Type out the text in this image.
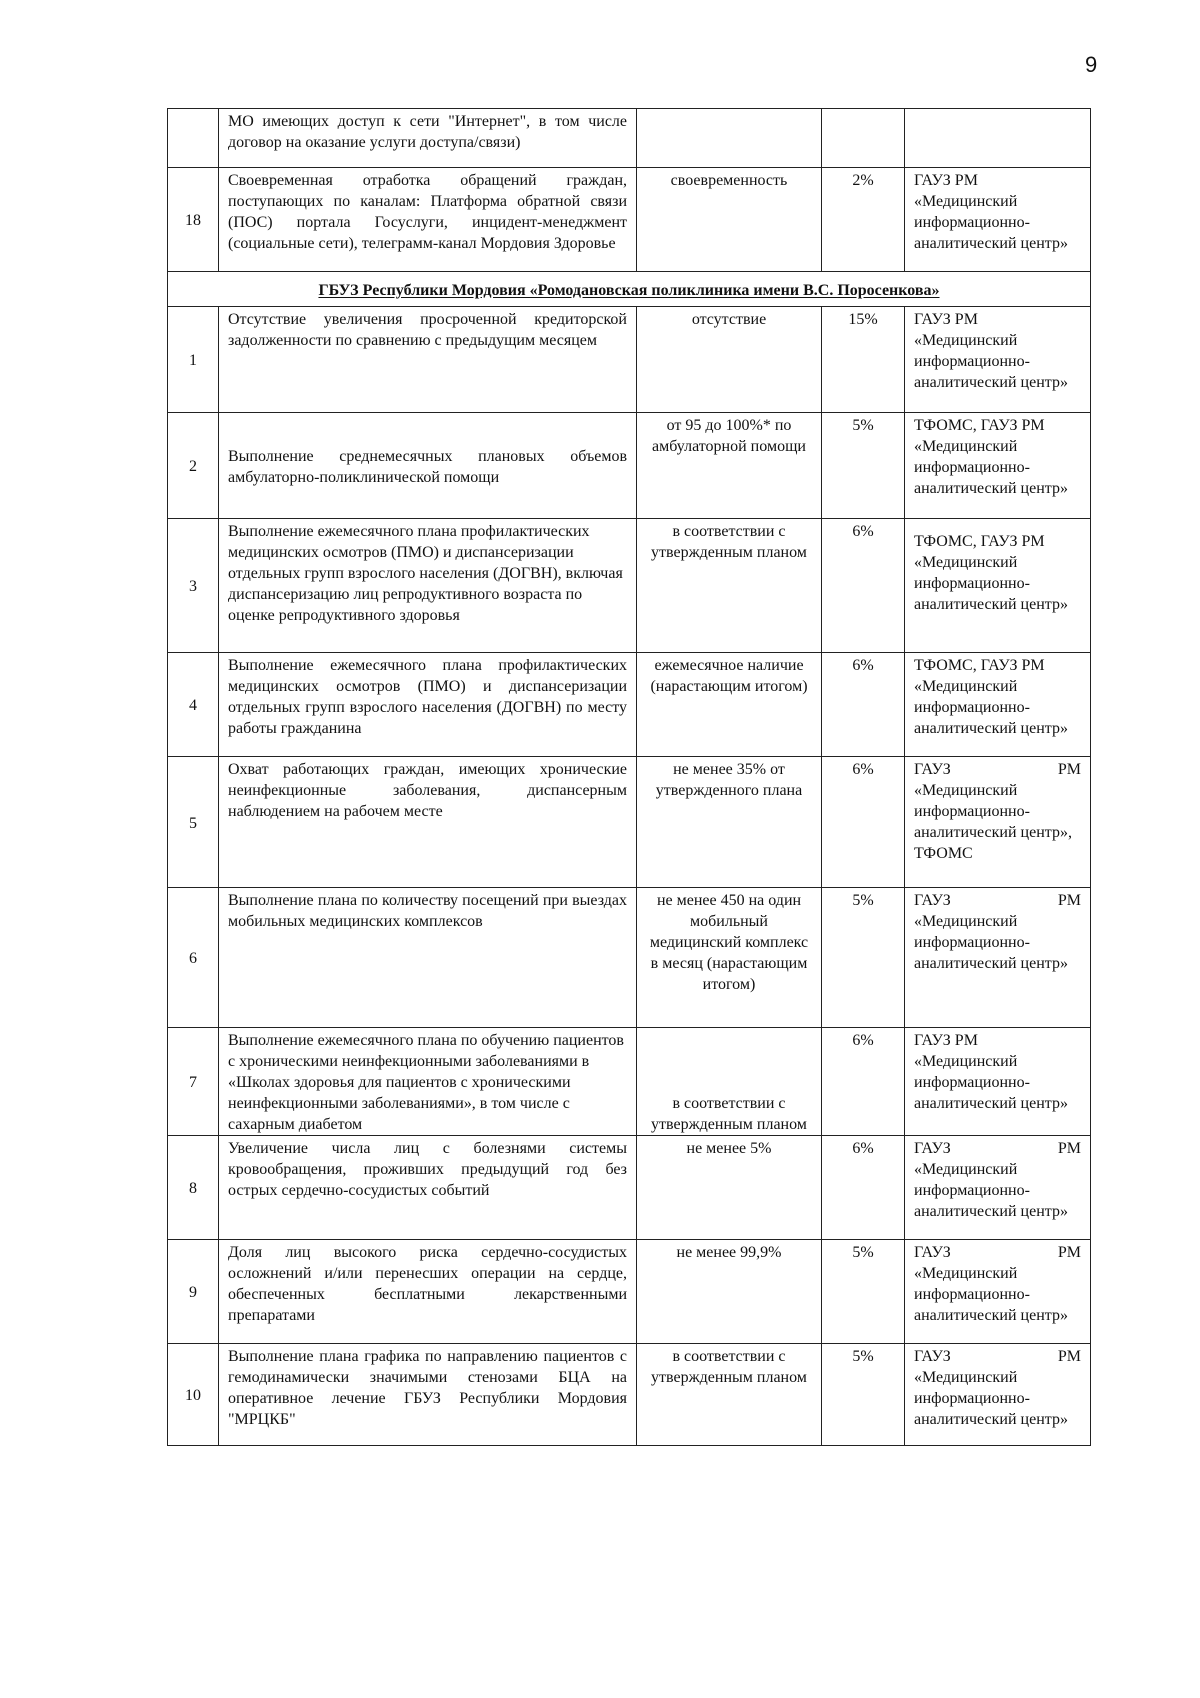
9
	МО имеющих доступ к сети "Интернет", в том числе договор на оказание услуги доступа/связи)			
18	Своевременная отработка обращений граждан, поступающих по каналам: Платформа обратной связи (ПОС) портала Госуслуги, инцидент-менеджмент (социальные сети), телеграмм-канал Мордовия Здоровье	своевременность	2%	ГАУЗ РМ «Медицинский информационно-аналитический центр»
ГБУЗ Республики Мордовия «Ромодановская поликлиника имени В.С. Поросенкова»				
1	Отсутствие увеличения просроченной кредиторской задолженности по сравнению с предыдущим месяцем	отсутствие	15%	ГАУЗ РМ «Медицинский информационно-аналитический центр»
2	Выполнение среднемесячных плановых объемов амбулаторно-поликлинической помощи	от 95 до 100%* по амбулаторной помощи	5%	ТФОМС, ГАУЗ РМ «Медицинский информационно-аналитический центр»
3	Выполнение ежемесячного плана профилактических медицинских осмотров (ПМО) и диспансеризации отдельных групп взрослого населения (ДОГВН), включая диспансеризацию лиц репродуктивного возраста по оценке репродуктивного здоровья	в соответствии с утвержденным планом	6%	ТФОМС, ГАУЗ РМ «Медицинский информационно-аналитический центр»
4	Выполнение ежемесячного плана профилактических медицинских осмотров (ПМО) и диспансеризации отдельных групп взрослого населения (ДОГВН) по месту работы гражданина	ежемесячное наличие (нарастающим итогом)	6%	ТФОМС, ГАУЗ РМ «Медицинский информационно-аналитический центр»
5	Охват работающих граждан, имеющих хронические неинфекционные заболевания, диспансерным наблюдением на рабочем месте	не менее 35% от утвержденного плана	6%	ГАУЗ РМ
«Медицинский информационно-аналитический центр», ТФОМС

6	Выполнение плана по количеству посещений при выездах мобильных медицинских комплексов	не менее 450 на один мобильный медицинский комплекс в месяц (нарастающим итогом)	5%	ГАУЗ РМ
«Медицинский информационно-аналитический центр»

7	Выполнение ежемесячного плана по обучению пациентов с хроническими неинфекционными заболеваниями в «Школах здоровья для пациентов с хроническими неинфекционными заболеваниями», в том числе с сахарным диабетом	в соответствии с утвержденным планом	6%	ГАУЗ РМ «Медицинский информационно-аналитический центр»
8	Увеличение числа лиц с болезнями системы кровообращения, проживших предыдущий год без острых сердечно-сосудистых событий	не менее 5%	6%	ГАУЗ РМ
«Медицинский информационно-аналитический центр»

9	Доля лиц высокого риска сердечно-сосудистых осложнений и/или перенесших операции на сердце, обеспеченных бесплатными лекарственными препаратами	не менее 99,9%	5%	ГАУЗ РМ
«Медицинский информационно-аналитический центр»

10	Выполнение плана графика по направлению пациентов с гемодинамически значимыми стенозами БЦА на оперативное лечение ГБУЗ Республики Мордовия "МРЦКБ"	в соответствии с утвержденным планом	5%	ГАУЗ РМ
«Медицинский информационно-аналитический центр»
